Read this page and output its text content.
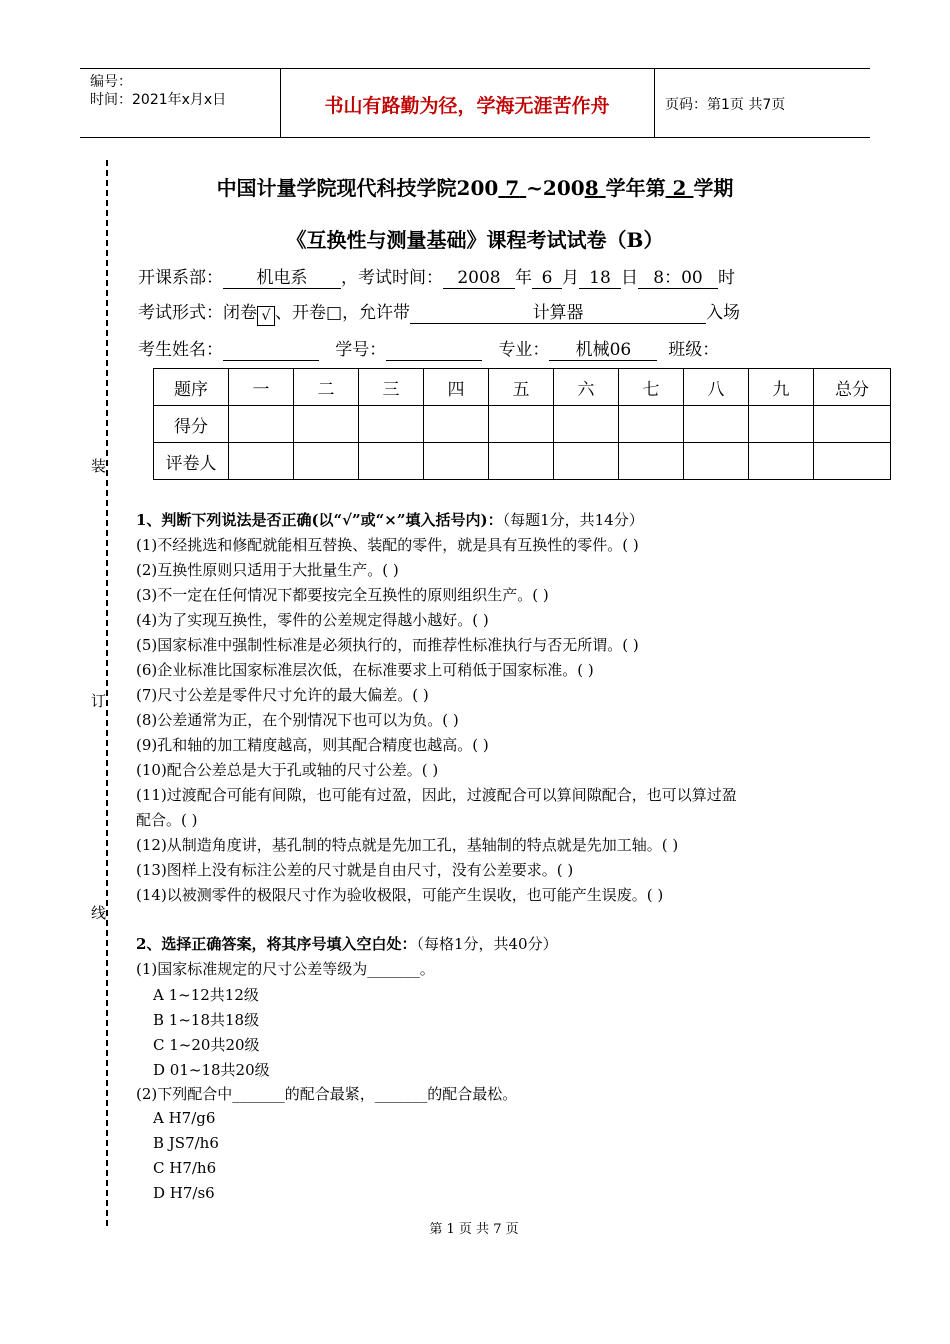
编号：
时间：2021年x月x日	书山有路勤为径，学海无涯苦作舟	页码：第1页 共7页
装
订
线
中国计量学院现代科技学院200 7 ~2008 学年第 2 学期
《互换性与测量基础》课程考试试卷（B）
开课系部： 机电系 ，考试时间： 2008 年 6 月 18 日 8：00 时
考试形式：闭卷 √ 、开卷□，允许带	计算器	入场
考生姓名：	学号：	专业： 机械06 班级：
题序	一	二	三	四	五	六	七	八	九	总分
得分										
评卷人										
1、判断下列说法是否正确(以“√”或“×”填入括号内)：（每题1分，共14分）
(1)不经挑选和修配就能相互替换、装配的零件，就是具有互换性的零件。( )
(2)互换性原则只适用于大批量生产。( )
(3)不一定在任何情况下都要按完全互换性的原则组织生产。( )
(4)为了实现互换性，零件的公差规定得越小越好。( )
(5)国家标准中强制性标准是必须执行的，而推荐性标准执行与否无所谓。( )
(6)企业标准比国家标准层次低，在标准要求上可稍低于国家标准。( )
(7)尺寸公差是零件尺寸允许的最大偏差。( )
(8)公差通常为正，在个别情况下也可以为负。( )
(9)孔和轴的加工精度越高，则其配合精度也越高。( )
(10)配合公差总是大于孔或轴的尺寸公差。( )
(11)过渡配合可能有间隙，也可能有过盈，因此，过渡配合可以算间隙配合，也可以算过盈
配合。( )
(12)从制造角度讲，基孔制的特点就是先加工孔，基轴制的特点就是先加工轴。( )
(13)图样上没有标注公差的尺寸就是自由尺寸，没有公差要求。( )
(14)以被测零件的极限尺寸作为验收极限，可能产生误收，也可能产生误废。( )
2、选择正确答案，将其序号填入空白处：（每格1分，共40分）
(1)国家标准规定的尺寸公差等级为_______。
A 1~12共12级
B 1~18共18级
C 1~20共20级
D 01~18共20级
(2)下列配合中_______的配合最紧，_______的配合最松。
A H7/g6
B JS7/h6
C H7/h6
D H7/s6
第 1 页 共 7 页
